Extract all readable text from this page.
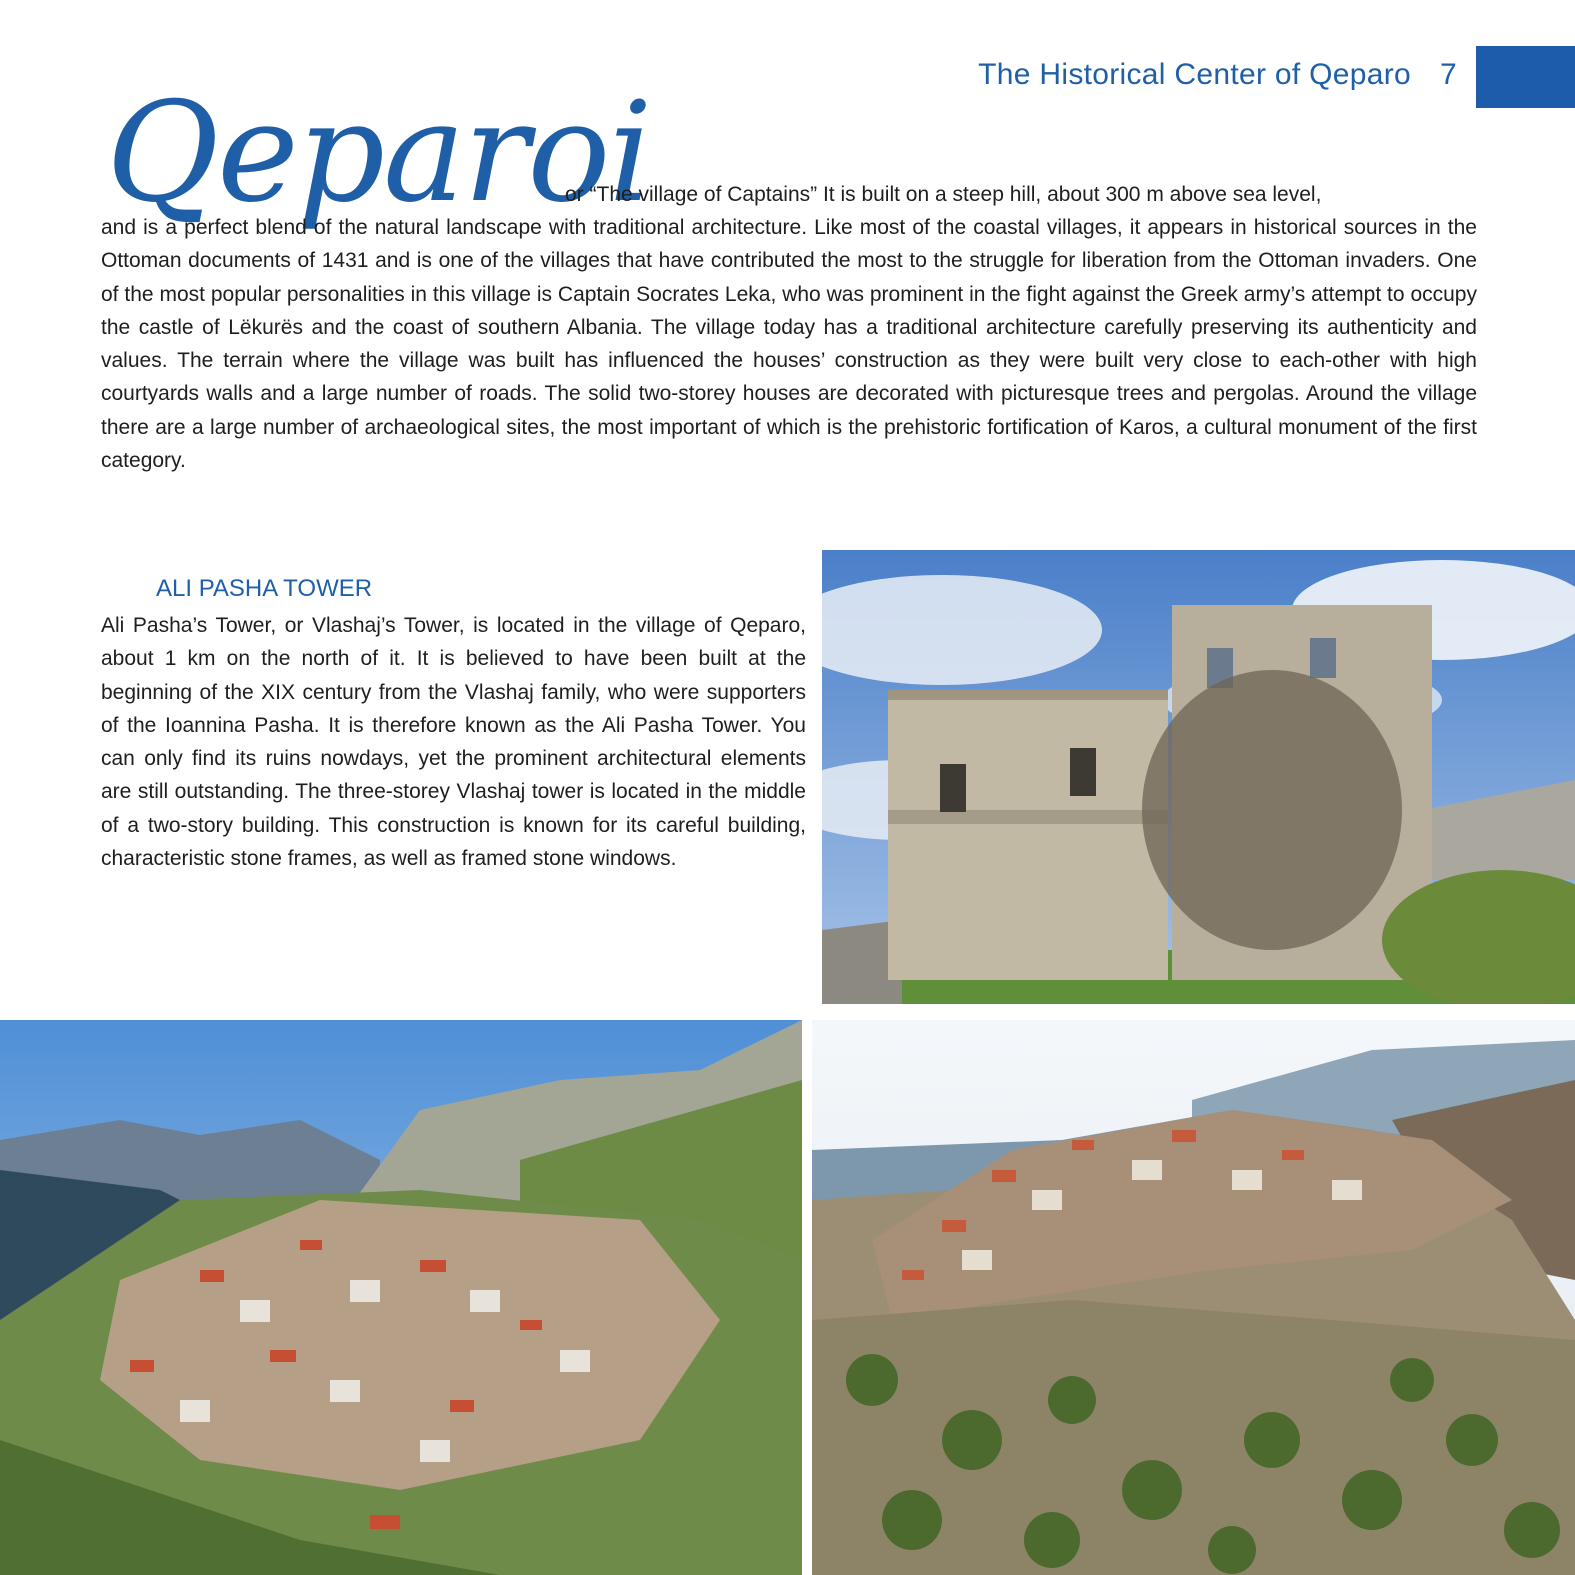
The Historical Center of Qeparo 7
Qeparoi
or “The village of Captains” It is built on a steep hill, about 300 m above sea level,
and is a perfect blend of the natural landscape with traditional architecture. Like most of the coastal villages, it appears in historical sources in the Ottoman documents of 1431 and is one of the villages that have contributed the most to the struggle for liberation from the Ottoman invaders. One of the most popular personalities in this village is Captain Socrates Leka, who was prominent in the fight against the Greek army’s attempt to occupy the castle of Lëkurës and the coast of southern Albania. The village today has a traditional architecture carefully preserving its authenticity and values. The terrain where the village was built has influenced the houses’ construction as they were built very close to each-other with high courtyards walls and a large number of roads. The solid two-storey houses are decorated with picturesque trees and pergolas. Around the village there are a large number of archaeological sites, the most important of which is the prehistoric fortification of Karos, a cultural monument of the first category.
ALI PASHA TOWER
Ali Pasha’s Tower, or Vlashaj’s Tower, is located in the village of Qeparo, about 1 km on the north of it. It is believed to have been built at the beginning of the XIX century from the Vlashaj family, who were supporters of the Ioannina Pasha. It is therefore known as the Ali Pasha Tower. You can only find its ruins nowdays, yet the prominent architectural elements are still outstanding. The three-storey Vlashaj tower is located in the middle of a two-story building. This construction is known for its careful building, characteristic stone frames, as well as framed stone windows.
